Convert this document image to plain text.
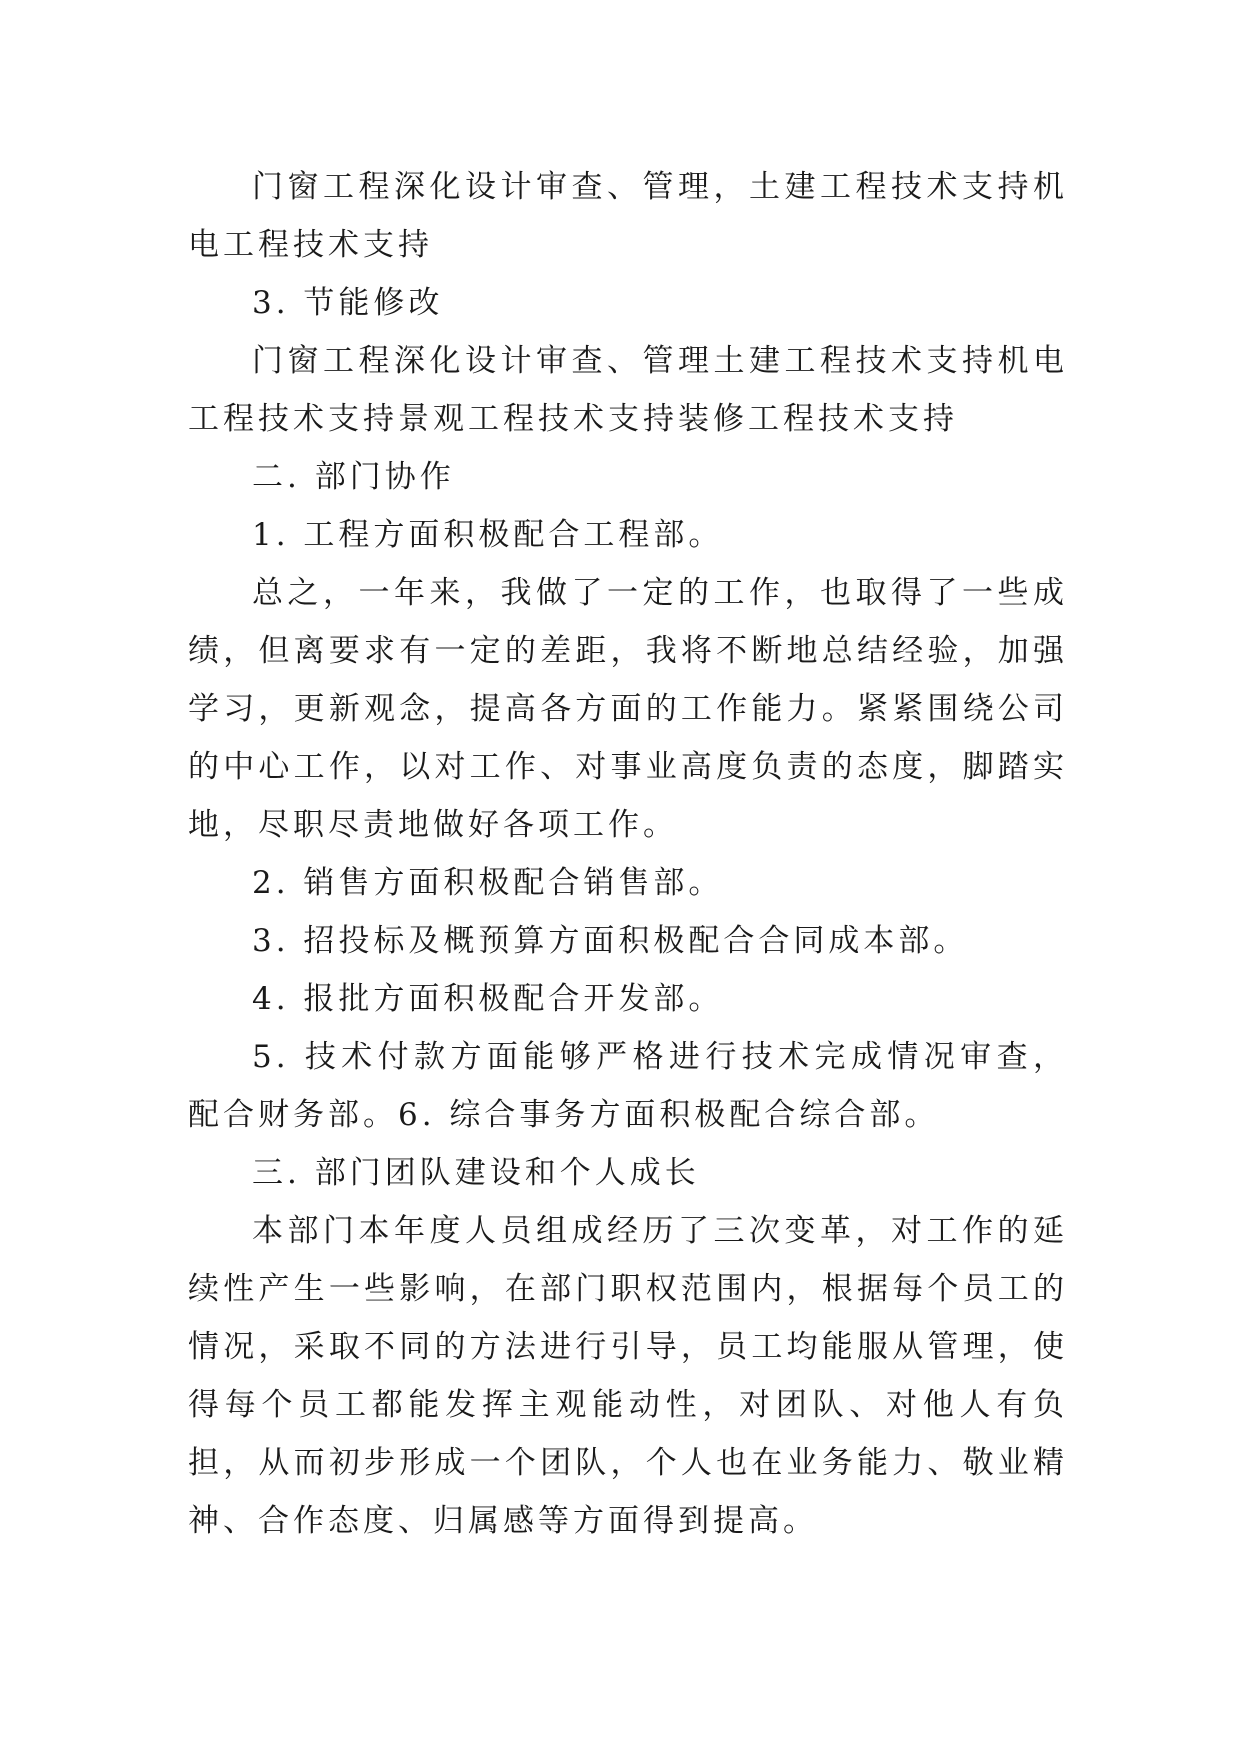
门窗工程深化设计审查、管理，土建工程技术支持机电工程技术支持

3. 节能修改

门窗工程深化设计审查、管理土建工程技术支持机电工程技术支持景观工程技术支持装修工程技术支持

二. 部门协作

1. 工程方面积极配合工程部。

总之，一年来，我做了一定的工作，也取得了一些成绩，但离要求有一定的差距，我将不断地总结经验，加强学习，更新观念，提高各方面的工作能力。紧紧围绕公司的中心工作，以对工作、对事业高度负责的态度，脚踏实地，尽职尽责地做好各项工作。

2. 销售方面积极配合销售部。

3. 招投标及概预算方面积极配合合同成本部。

4. 报批方面积极配合开发部。

5. 技术付款方面能够严格进行技术完成情况审查，配合财务部。6. 综合事务方面积极配合综合部。

三. 部门团队建设和个人成长

本部门本年度人员组成经历了三次变革，对工作的延续性产生一些影响，在部门职权范围内，根据每个员工的情况，采取不同的方法进行引导，员工均能服从管理，使得每个员工都能发挥主观能动性，对团队、对他人有负担，从而初步形成一个团队，个人也在业务能力、敬业精神、合作态度、归属感等方面得到提高。
